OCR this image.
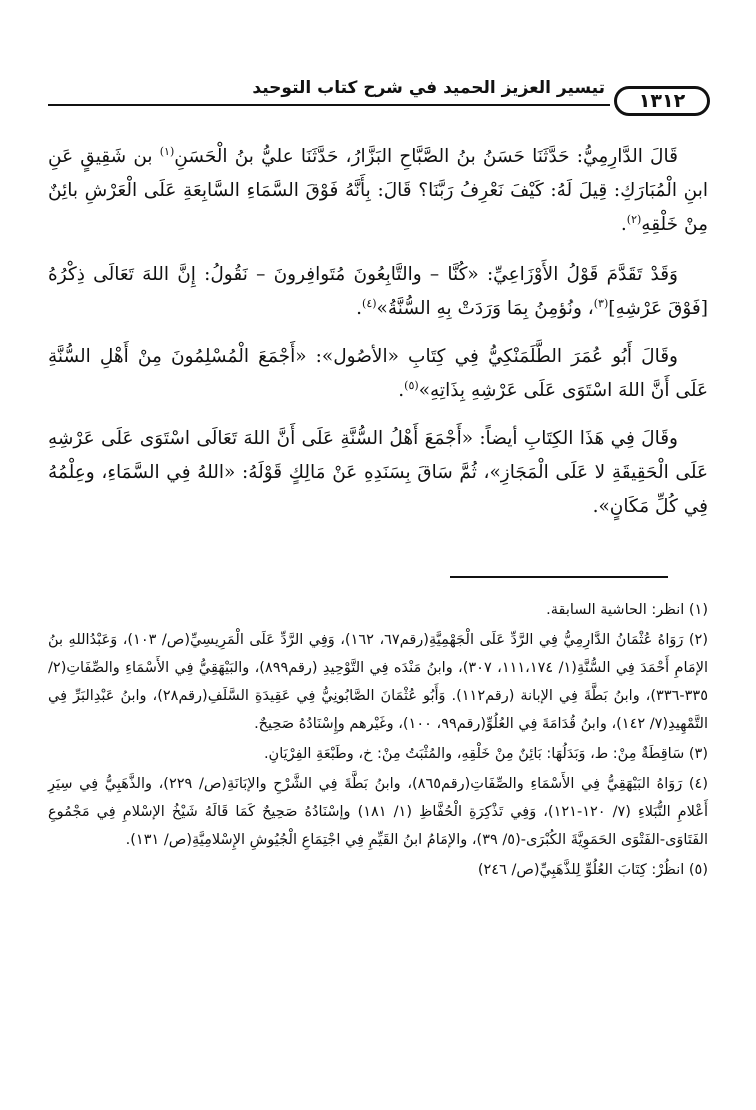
تيسير العزيز الحميد في شرح كتاب التوحيد
١٣١٢

قَالَ الدَّارِمِيُّ: حَدَّثَنَا حَسَنُ بنُ الصَّبَّاحِ البَزَّارُ، حَدَّثَنَا عليُّ بنُ الْحَسَنِ$^{(١)}$ بن شَقِيقٍ عَنِ ابنِ الْمُبَارَكِ: قِيلَ لَهُ: كَيْفَ نَعْرِفُ رَبَّنَا؟ قَالَ: بِأَنَّهُ فَوْقَ السَّمَاءِ السَّابِعَةِ عَلَى الْعَرْشِ بائِنٌ مِنْ خَلْقِهِ$^{(٢)}$.

وَقَدْ تَقَدَّمَ قَوْلُ الأَوْزَاعِيِّ: «كُنَّا – والتَّابِعُونَ مُتَوافِرونَ – نَقُولُ: إِنَّ اللهَ تَعَالَى ذِكْرُهُ [فَوْقَ عَرْشِهِ]$^{(٣)}$، ونُؤمِنُ بِمَا وَرَدَتْ بِهِ السُّنَّةُ»$^{(٤)}$.

وقَالَ أَبُو عُمَرَ الطَّلَمَنْكِيُّ فِي كِتَابِ «الأصُول»: «أَجْمَعَ الْمُسْلِمُونَ مِنْ أَهْلِ السُّنَّةِ عَلَى أَنَّ اللهَ اسْتَوَى عَلَى عَرْشِهِ بِذَاتِهِ»$^{(٥)}$.

وقَالَ فِي هَذَا الكِتَابِ أيضاً: «أَجْمَعَ أَهْلُ السُّنَّةِ عَلَى أَنَّ اللهَ تَعَالَى اسْتَوَى عَلَى عَرْشِهِ عَلَى الْحَقِيقَةِ لا عَلَى الْمَجَازِ»، ثُمَّ سَاقَ بِسَنَدِهِ عَنْ مَالِكٍ قَوْلَهُ: «اللهُ فِي السَّمَاءِ، وعِلْمُهُ فِي كُلِّ مَكَانٍ».

(١) انظر: الحاشية السابقة.

(٢) رَوَاهُ عُثْمَانُ الدَّارِمِيُّ فِي الرَّدِّ عَلَى الْجَهْمِيَّةِ(رقم٦٧، ١٦٢)، وَفِي الرَّدِّ عَلَى الْمَرِيسِيِّ(ص/ ١٠٣)، وَعَبْدُاللهِ بنُ الإمَامِ أَحْمَدَ فِي السُّنَّةِ(١/ ١١١،١٧٤، ٣٠٧)، وابنُ مَنْدَه فِي التَّوْحِيدِ (رقم٨٩٩)، والبَيْهَقِيُّ فِي الأَسْمَاءِ والصِّفَاتِ(٢/ ٣٣٥-٣٣٦)، وابنُ بَطَّةَ فِي الإبانة (رقم١١٢). وَأَبُو عُثْمَانَ الصَّابُونِيُّ فِي عَقِيدَةِ السَّلَفِ(رقم٢٨)، وابنُ عَبْدِالبَرِّ فِي التَّمْهِيدِ(٧/ ١٤٢)، وابنُ قُدَامَةَ فِي العُلُوِّ(رقم٩٩، ١٠٠)، وغَيْرهم وإِسْنَادُهُ صَحِيحٌ.

(٣) سَاقِطَةٌ مِنْ: ط، وَبَدَلُهَا: بَائِنٌ مِنْ خَلْقِهِ، والمُثْبَتُ مِنْ: خ، وطَبْعَةِ الفِرْيَانِ.

(٤) رَوَاهُ البَيْهَقِيُّ فِي الأَسْمَاءِ والصِّفَاتِ(رقم٨٦٥)، وابنُ بَطَّةَ فِي الشَّرْحِ والإبَانَةِ(ص/ ٢٢٩)، والذَّهَبِيُّ فِي سِيَرِ أَعْلامِ النُّبَلاءِ (٧/ ١٢٠-١٢١)، وَفِي تَذْكِرَةِ الْحُفَّاظِ (١/ ١٨١) وإسْنَادُهُ صَحِيحٌ كَمَا قَالَهُ شَيْخُ الإسْلامِ فِي مَجْمُوعِ الفَتَاوَى-الفَتْوَى الحَمَوِيَّةَ الكُبْرَى-(٥/ ٣٩)، والإمَامُ ابنُ القَيِّمِ فِي اجْتِمَاعِ الْجُيُوشِ الإِسْلامِيَّةِ(ص/ ١٣١).

(٥) انظُرْ: كِتَابَ العُلُوِّ لِلذَّهَبِيِّ(ص/ ٢٤٦)
